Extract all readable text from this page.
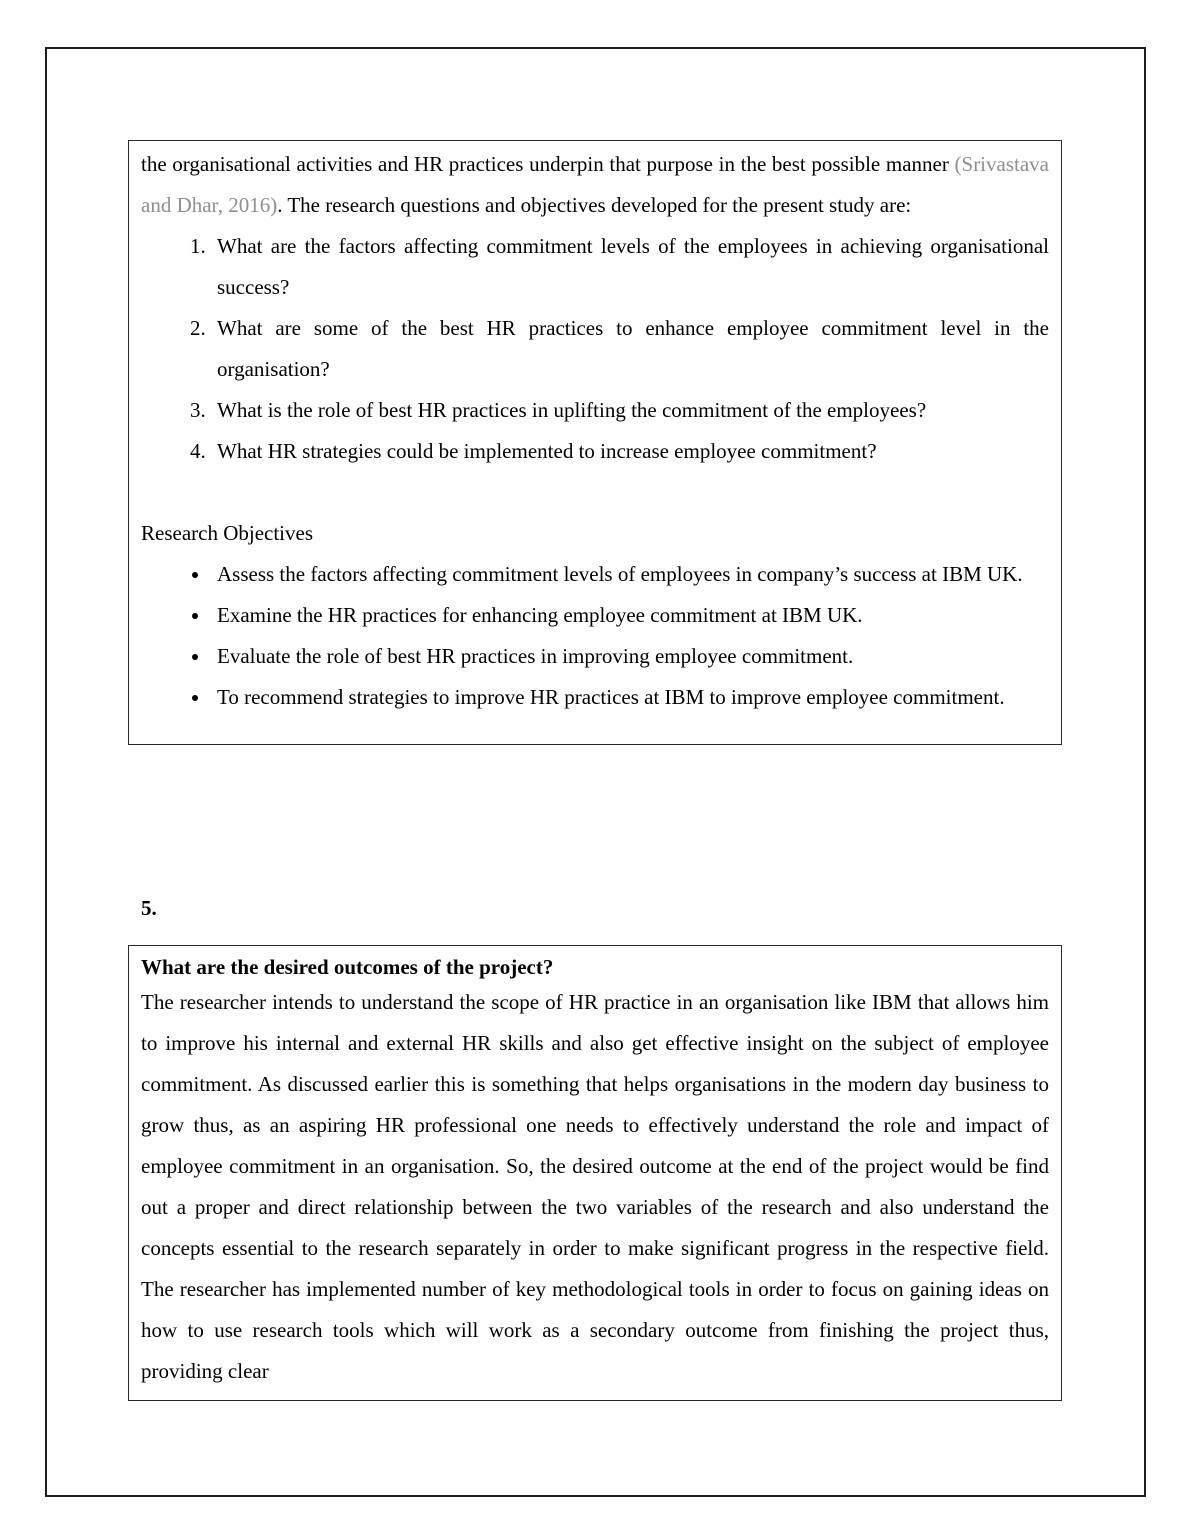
the organisational activities and HR practices underpin that purpose in the best possible manner (Srivastava and Dhar, 2016). The research questions and objectives developed for the present study are:

1. What are the factors affecting commitment levels of the employees in achieving organisational success?
2. What are some of the best HR practices to enhance employee commitment level in the organisation?
3. What is the role of best HR practices in uplifting the commitment of the employees?
4. What HR strategies could be implemented to increase employee commitment?

Research Objectives

• Assess the factors affecting commitment levels of employees in company’s success at IBM UK.
• Examine the HR practices for enhancing employee commitment at IBM UK.
• Evaluate the role of best HR practices in improving employee commitment.
• To recommend strategies to improve HR practices at IBM to improve employee commitment.
5.
What are the desired outcomes of the project?

The researcher intends to understand the scope of HR practice in an organisation like IBM that allows him to improve his internal and external HR skills and also get effective insight on the subject of employee commitment. As discussed earlier this is something that helps organisations in the modern day business to grow thus, as an aspiring HR professional one needs to effectively understand the role and impact of employee commitment in an organisation. So, the desired outcome at the end of the project would be find out a proper and direct relationship between the two variables of the research and also understand the concepts essential to the research separately in order to make significant progress in the respective field. The researcher has implemented number of key methodological tools in order to focus on gaining ideas on how to use research tools which will work as a secondary outcome from finishing the project thus, providing clear
